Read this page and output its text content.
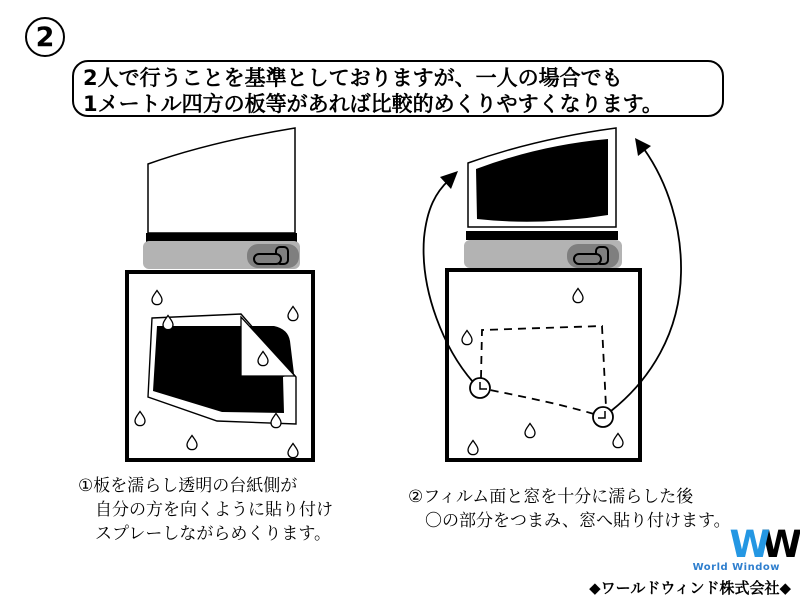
2
2人で行うことを基準としておりますが、一人の場合でも
1メートル四方の板等があれば比較的めくりやすくなります。
①板を濡らし透明の台紙側が
自分の方を向くように貼り付け
スプレーしながらめくります。
②フィルム面と窓を十分に濡らした後
〇の部分をつまみ、窓へ貼り付けます。
W W
World Window
◆ワールドウィンド株式会社◆
